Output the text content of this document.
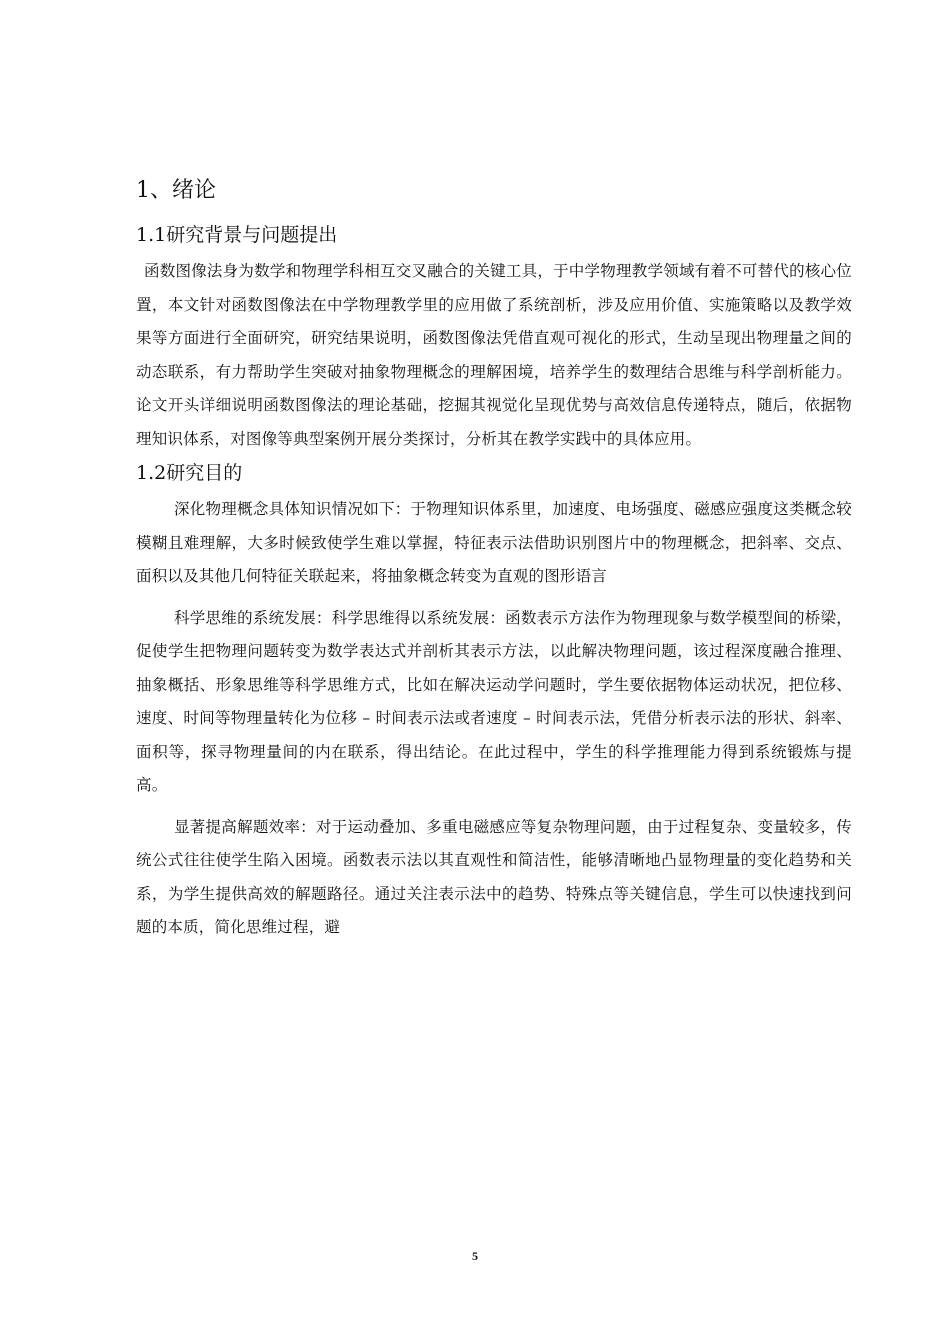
1、绪论
1.1研究背景与问题提出

函数图像法身为数学和物理学科相互交叉融合的关键工具，于中学物理教学领域有着不可替代的核心位置，本文针对函数图像法在中学物理教学里的应用做了系统剖析，涉及应用价值、实施策略以及教学效果等方面进行全面研究，研究结果说明，函数图像法凭借直观可视化的形式，生动呈现出物理量之间的动态联系，有力帮助学生突破对抽象物理概念的理解困境，培养学生的数理结合思维与科学剖析能力。论文开头详细说明函数图像法的理论基础，挖掘其视觉化呈现优势与高效信息传递特点，随后，依据物理知识体系，对图像等典型案例开展分类探讨，分析其在教学实践中的具体应用。

1.2研究目的

深化物理概念具体知识情况如下：于物理知识体系里，加速度、电场强度、磁感应强度这类概念较模糊且难理解，大多时候致使学生难以掌握，特征表示法借助识别图片中的物理概念，把斜率、交点、面积以及其他几何特征关联起来，将抽象概念转变为直观的图形语言

科学思维的系统发展：科学思维得以系统发展：函数表示方法作为物理现象与数学模型间的桥梁，促使学生把物理问题转变为数学表达式并剖析其表示方法，以此解决物理问题，该过程深度融合推理、抽象概括、形象思维等科学思维方式，比如在解决运动学问题时，学生要依据物体运动状况，把位移、速度、时间等物理量转化为位移 – 时间表示法或者速度 – 时间表示法，凭借分析表示法的形状、斜率、面积等，探寻物理量间的内在联系，得出结论。在此过程中，学生的科学推理能力得到系统锻炼与提高。

显著提高解题效率：对于运动叠加、多重电磁感应等复杂物理问题，由于过程复杂、变量较多，传统公式往往使学生陷入困境。函数表示法以其直观性和简洁性，能够清晰地凸显物理量的变化趋势和关系，为学生提供高效的解题路径。通过关注表示法中的趋势、特殊点等关键信息，学生可以快速找到问题的本质，简化思维过程，避

5
